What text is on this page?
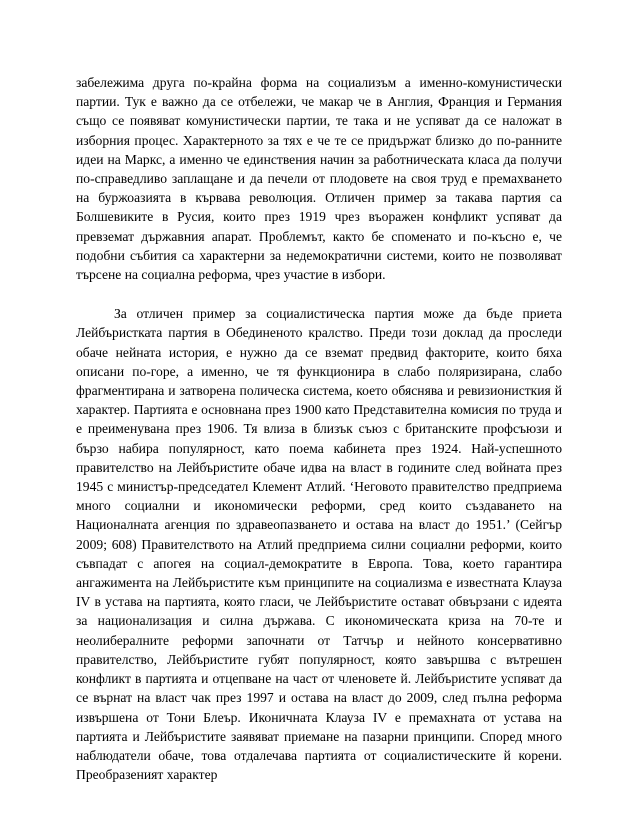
забележима друга по-крайна форма на социализъм а именно-комунистически партии. Тук е важно да се отбележи, че макар че в Англия, Франция и Германия също се появяват комунистически партии, те така и не успяват да се наложат в изборния процес. Характерното за тях е че те се придържат близко до по-ранните идеи на Маркс, а именно че единствения начин за работническата класа да получи по-справедливо заплащане и да печели от плодовете на своя труд е премахването на буржоазията в кървава революция. Отличен пример за такава партия са Болшевиките в Русия, които през 1919 чрез въоражен конфликт успяват да превземат държавния апарат. Проблемът, както бе споменато и по-късно е, че подобни събития са характерни за недемократични системи, които не позволяват търсене на социална реформа, чрез участие в избори.

За отличен пример за социалистическа партия може да бъде приета Лейбъристката партия в Обединеното кралство. Преди този доклад да проследи обаче нейната история, е нужно да се вземат предвид факторите, които бяха описани по-горе, а именно, че тя функционира в слабо поляризирана, слабо фрагментирана и затворена полическа система, което обяснява и ревизионисткия й характер. Партията е основнана през 1900 като Представителна комисия по труда и е преименувана през 1906. Тя влиза в близък съюз с британските профсъюзи и бързо набира популярност, като поема кабинета през 1924. Най-успешното правителство на Лейбъристите обаче идва на власт в годините след войната през 1945 с министър-председател Клемент Атлий. ‘Неговото правителство предприема много социални и икономически реформи, сред които създаването на Националната агенция по здравеопазването и остава на власт до 1951.’ (Сейгър 2009; 608) Правителството на Атлий предприема силни социални реформи, които съвпадат с апогея на социал-демократите в Европа. Това, което гарантира ангажимента на Лейбъристите към принципите на социализма е известната Клауза IV в устава на партията, която гласи, че Лейбъристите остават обвързани с идеята за национализация и силна държава. С икономическата криза на 70-те и неолибералните реформи започнати от Татчър и нейното консервативно правителство, Лейбъристите губят популярност, която завършва с вътрешен конфликт в партията и отцепване на част от членовете й. Лейбъристите успяват да се върнат на власт чак през 1997 и остава на власт до 2009, след пълна реформа извършена от Тони Блеър. Иконичната Клауза IV е премахната от устава на партията и Лейбъристите заявяват приемане на пазарни принципи. Според много наблюдатели обаче, това отдалечава партията от социалистическите й корени. Преобразеният характер
